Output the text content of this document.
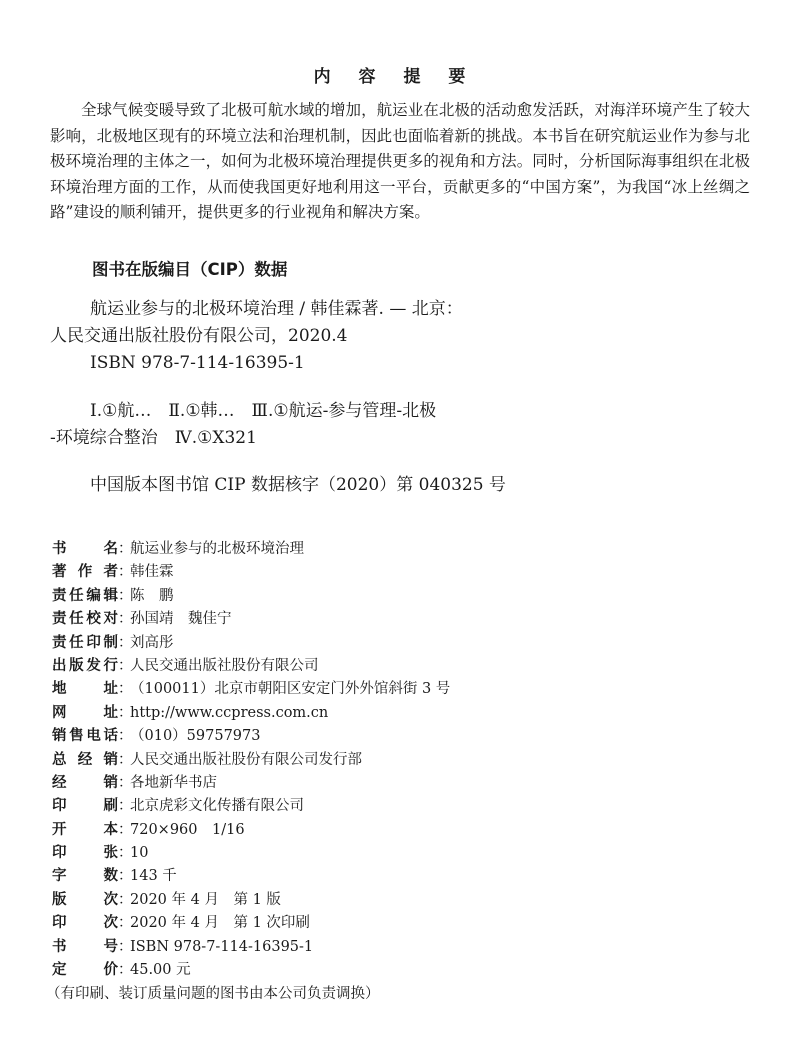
内 容 提 要
全球气候变暖导致了北极可航水域的增加，航运业在北极的活动愈发活跃，对海洋环境产生了较大影响，北极地区现有的环境立法和治理机制，因此也面临着新的挑战。本书旨在研究航运业作为参与北极环境治理的主体之一，如何为北极环境治理提供更多的视角和方法。同时，分析国际海事组织在北极环境治理方面的工作，从而使我国更好地利用这一平台，贡献更多的“中国方案”，为我国“冰上丝绸之路”建设的顺利铺开，提供更多的行业视角和解决方案。
图书在版编目（CIP）数据
航运业参与的北极环境治理 / 韩佳霖著. — 北京：
人民交通出版社股份有限公司，2020.4
ISBN 978-7-114-16395-1
Ⅰ.①航…　Ⅱ.①韩…　Ⅲ.①航运-参与管理-北极
-环境综合整治　Ⅳ.①X321
中国版本图书馆 CIP 数据核字（2020）第 040325 号
书名 ：
航运业参与的北极环境治理
著作者 ：
韩佳霖
责任编辑 ：
陈　鹏
责任校对 ：
孙国靖　魏佳宁
责任印制 ：
刘高彤
出版发行 ：
人民交通出版社股份有限公司
地址 ：
（100011）北京市朝阳区安定门外外馆斜街 3 号
网址 ：
http://www.ccpress.com.cn
销售电话 ：
（010）59757973
总经销 ：
人民交通出版社股份有限公司发行部
经销 ：
各地新华书店
印刷 ：
北京虎彩文化传播有限公司
开本 ：
720×960　1/16
印张 ：
10
字数 ：
143 千
版次 ：
2020 年 4 月　第 1 版
印次 ：
2020 年 4 月　第 1 次印刷
书号 ：
ISBN 978-7-114-16395-1
定价 ：
45.00 元
（有印刷、装订质量问题的图书由本公司负责调换）
